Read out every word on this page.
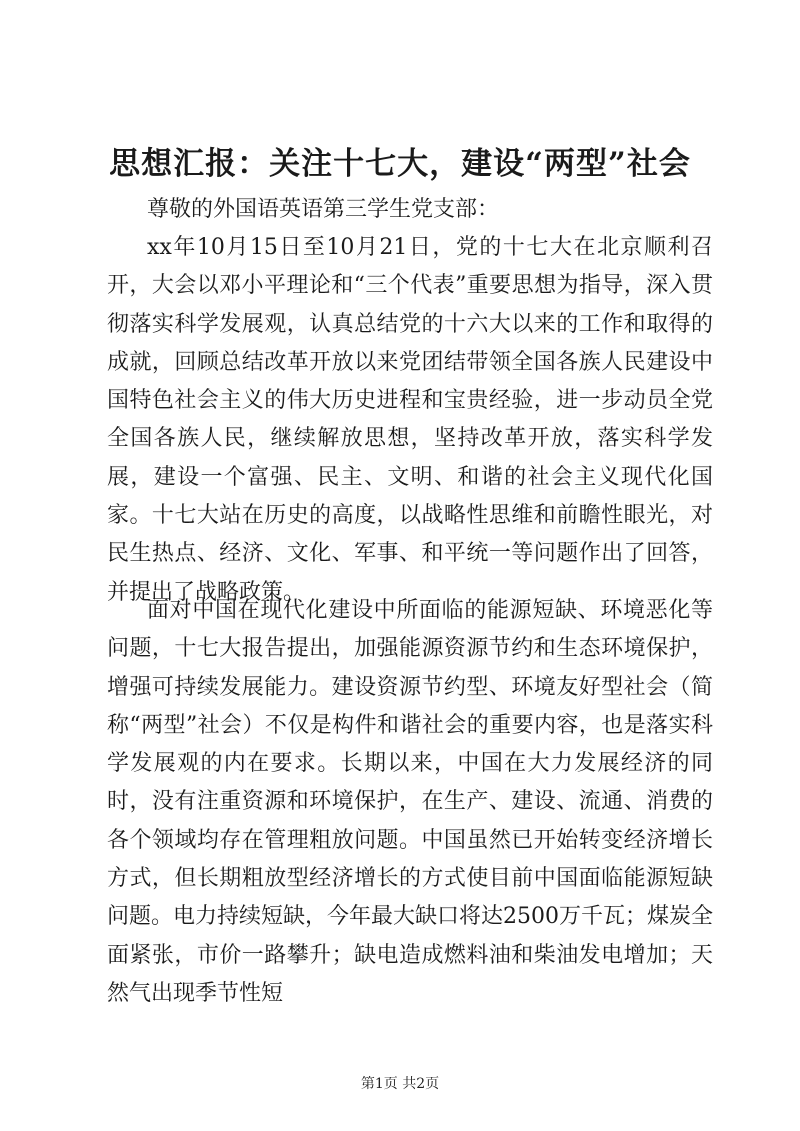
思想汇报：关注十七大，建设“两型”社会
尊敬的外国语英语第三学生党支部：

xx年10月15日至10月21日，党的十七大在北京顺利召开，大会以邓小平理论和“三个代表”重要思想为指导，深入贯彻落实科学发展观，认真总结党的十六大以来的工作和取得的成就，回顾总结改革开放以来党团结带领全国各族人民建设中国特色社会主义的伟大历史进程和宝贵经验，进一步动员全党全国各族人民，继续解放思想，坚持改革开放，落实科学发展，建设一个富强、民主、文明、和谐的社会主义现代化国家。十七大站在历史的高度，以战略性思维和前瞻性眼光，对民生热点、经济、文化、军事、和平统一等问题作出了回答，并提出了战略政策。

面对中国在现代化建设中所面临的能源短缺、环境恶化等问题，十七大报告提出，加强能源资源节约和生态环境保护，增强可持续发展能力。建设资源节约型、环境友好型社会（简称“两型”社会）不仅是构件和谐社会的重要内容，也是落实科学发展观的内在要求。长期以来，中国在大力发展经济的同时，没有注重资源和环境保护，在生产、建设、流通、消费的各个领域均存在管理粗放问题。中国虽然已开始转变经济增长方式，但长期粗放型经济增长的方式使目前中国面临能源短缺问题。电力持续短缺，今年最大缺口将达2500万千瓦；煤炭全面紧张，市价一路攀升；缺电造成燃料油和柴油发电增加；天然气出现季节性短

第1页 共2页
